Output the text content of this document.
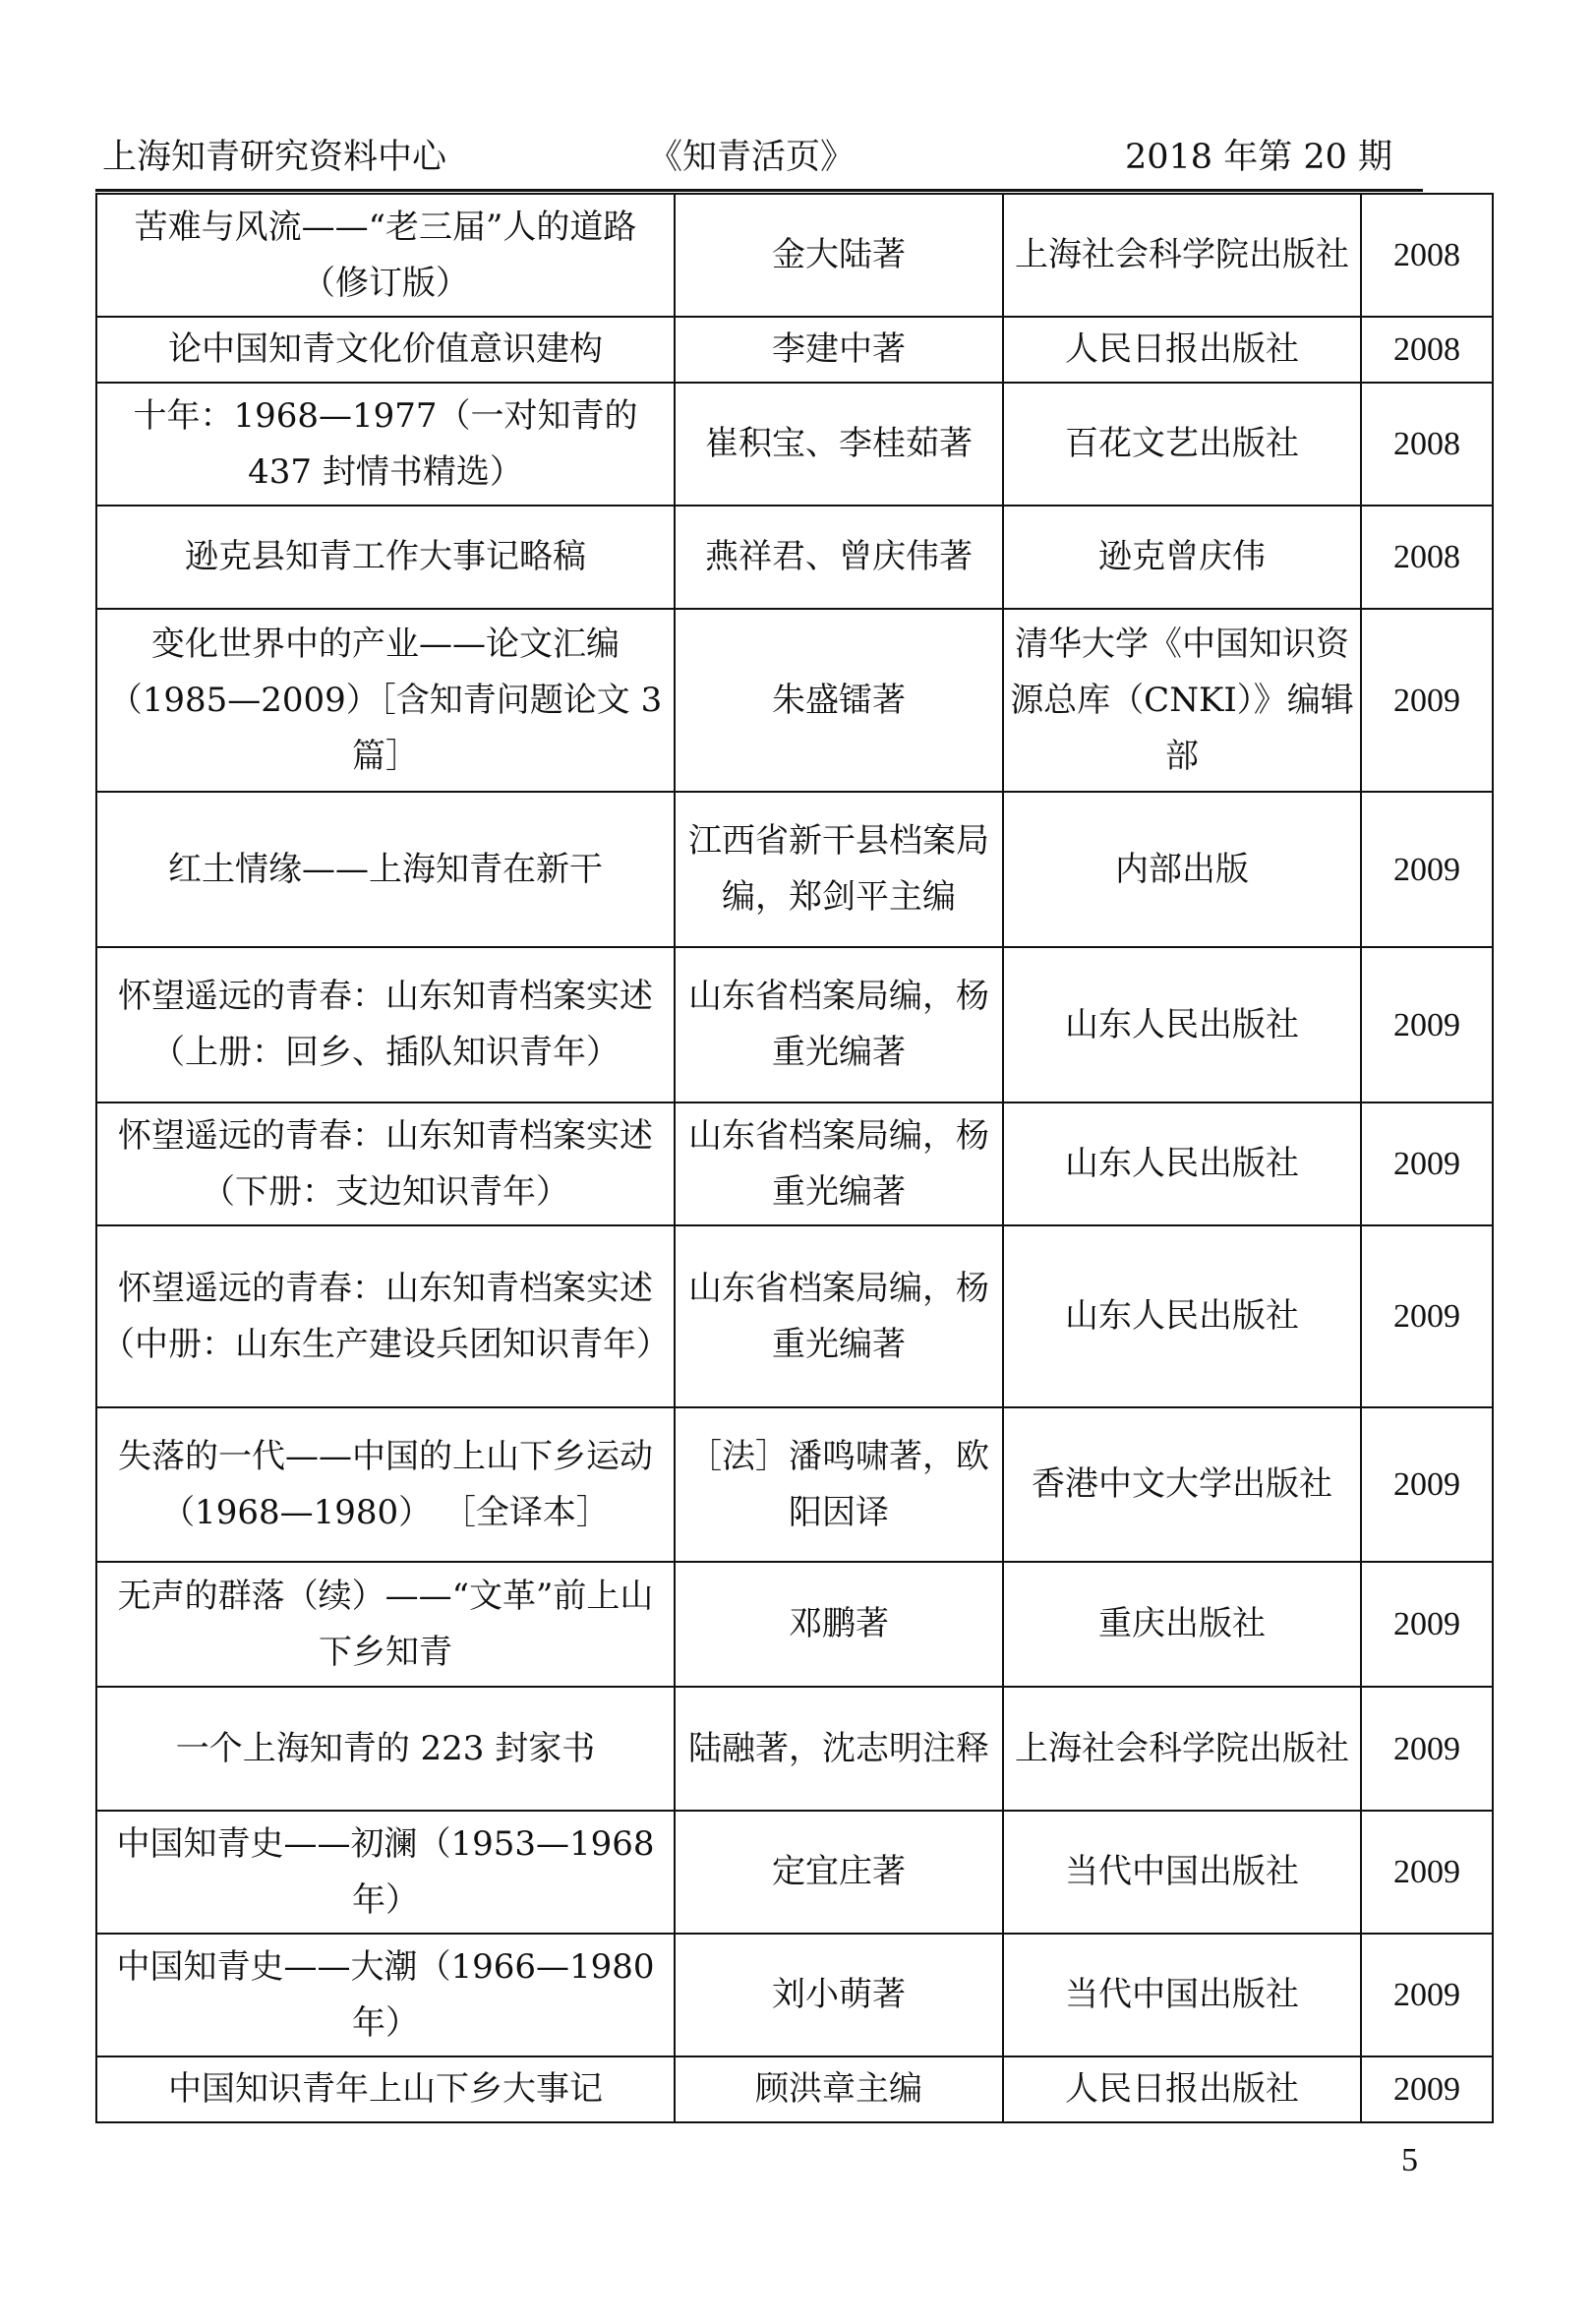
上海知青研究资料中心	《知青活页》	2018 年第 20 期
苦难与风流——“老三届”人的道路（修订版）	金大陆著	上海社会科学院出版社	2008
论中国知青文化价值意识建构	李建中著	人民日报出版社	2008
十年：1968—1977（一对知青的 437 封情书精选）	崔积宝、李桂茹著	百花文艺出版社	2008
逊克县知青工作大事记略稿	燕祥君、曾庆伟著	逊克曾庆伟	2008
变化世界中的产业——论文汇编（1985—2009）［含知青问题论文 3 篇］	朱盛镭著	清华大学《中国知识资源总库（CNKI）》编辑部	2009
红土情缘——上海知青在新干	江西省新干县档案局编，郑剑平主编	内部出版	2009
怀望遥远的青春：山东知青档案实述（上册：回乡、插队知识青年）	山东省档案局编，杨重光编著	山东人民出版社	2009
怀望遥远的青春：山东知青档案实述（下册：支边知识青年）	山东省档案局编，杨重光编著	山东人民出版社	2009
怀望遥远的青春：山东知青档案实述（中册：山东生产建设兵团知识青年）	山东省档案局编，杨重光编著	山东人民出版社	2009
失落的一代——中国的上山下乡运动（1968—1980） ［全译本］	［法］潘鸣啸著，欧阳因译	香港中文大学出版社	2009
无声的群落（续）——“文革”前上山下乡知青	邓鹏著	重庆出版社	2009
一个上海知青的 223 封家书	陆融著，沈志明注释	上海社会科学院出版社	2009
中国知青史——初澜（1953—1968 年）	定宜庄著	当代中国出版社	2009
中国知青史——大潮（1966—1980 年）	刘小萌著	当代中国出版社	2009
中国知识青年上山下乡大事记	顾洪章主编	人民日报出版社	2009
5
